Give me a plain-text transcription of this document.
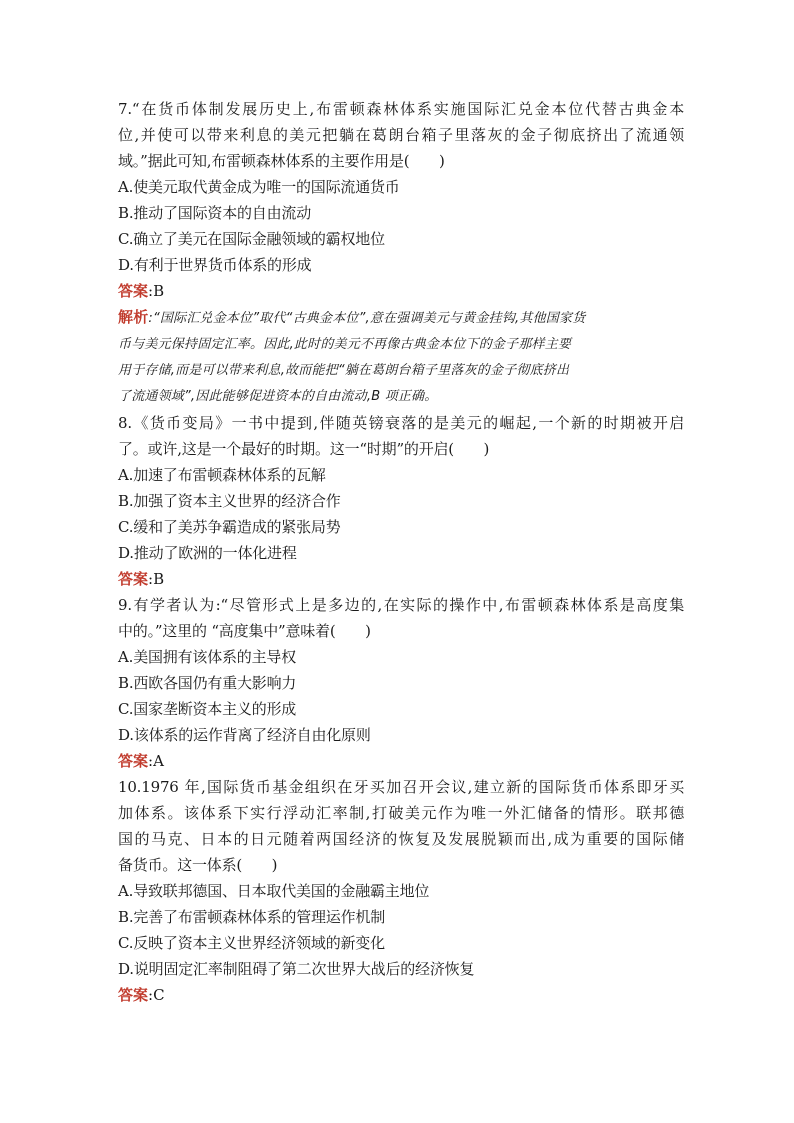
7.“在货币体制发展历史上,布雷顿森林体系实施国际汇兑金本位代替古典金本
位,并使可以带来利息的美元把躺在葛朗台箱子里落灰的金子彻底挤出了流通领
域。”据此可知,布雷顿森林体系的主要作用是(　　)
A.使美元取代黄金成为唯一的国际流通货币
B.推动了国际资本的自由流动
C.确立了美元在国际金融领域的霸权地位
D.有利于世界货币体系的形成
答案:B
解析:“国际汇兑金本位”取代“古典金本位”,意在强调美元与黄金挂钩,其他国家货
币与美元保持固定汇率。因此,此时的美元不再像古典金本位下的金子那样主要
用于存储,而是可以带来利息,故而能把“躺在葛朗台箱子里落灰的金子彻底挤出
了流通领域”,因此能够促进资本的自由流动,B 项正确。
8.《货币变局》一书中提到,伴随英镑衰落的是美元的崛起,一个新的时期被开启
了。或许,这是一个最好的时期。这一“时期”的开启(　　)
A.加速了布雷顿森林体系的瓦解
B.加强了资本主义世界的经济合作
C.缓和了美苏争霸造成的紧张局势
D.推动了欧洲的一体化进程
答案:B
9.有学者认为:“尽管形式上是多边的,在实际的操作中,布雷顿森林体系是高度集
中的。”这里的 “高度集中”意味着(　　)
A.美国拥有该体系的主导权
B.西欧各国仍有重大影响力
C.国家垄断资本主义的形成
D.该体系的运作背离了经济自由化原则
答案:A
10.1976 年,国际货币基金组织在牙买加召开会议,建立新的国际货币体系即牙买
加体系。该体系下实行浮动汇率制,打破美元作为唯一外汇储备的情形。联邦德
国的马克、日本的日元随着两国经济的恢复及发展脱颖而出,成为重要的国际储
备货币。这一体系(　　)
A.导致联邦德国、日本取代美国的金融霸主地位
B.完善了布雷顿森林体系的管理运作机制
C.反映了资本主义世界经济领域的新变化
D.说明固定汇率制阻碍了第二次世界大战后的经济恢复
答案:C
